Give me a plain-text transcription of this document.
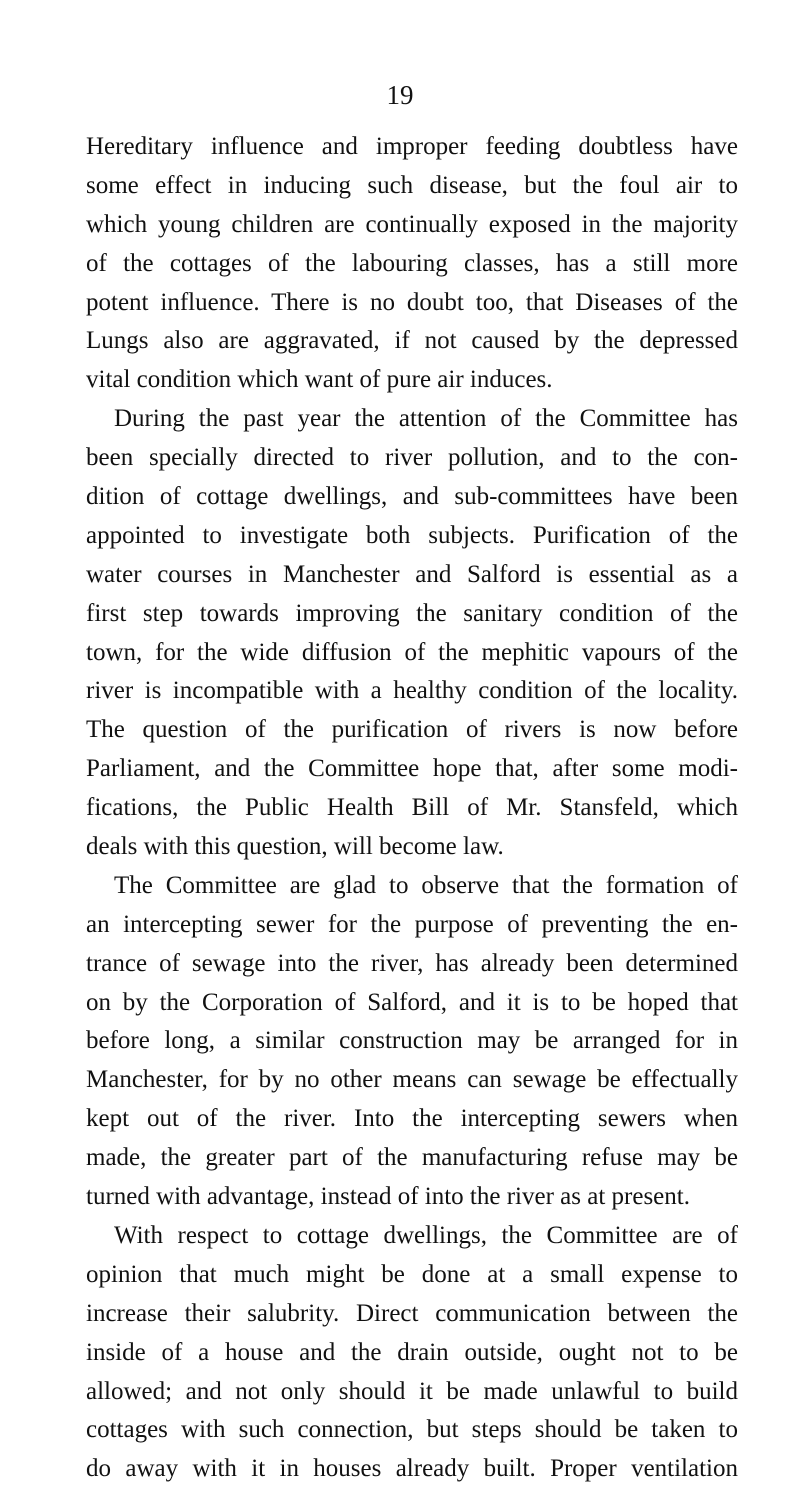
19
Hereditary influence and improper feeding doubtless have
some effect in inducing such disease, but the foul air to
which young children are continually exposed in the majority
of the cottages of the labouring classes, has a still more
potent influence. There is no doubt too, that Diseases of the
Lungs also are aggravated, if not caused by the depressed
vital condition which want of pure air induces.
During the past year the attention of the Committee has
been specially directed to river pollution, and to the con-
dition of cottage dwellings, and sub-committees have been
appointed to investigate both subjects. Purification of the
water courses in Manchester and Salford is essential as a
first step towards improving the sanitary condition of the
town, for the wide diffusion of the mephitic vapours of the
river is incompatible with a healthy condition of the locality.
The question of the purification of rivers is now before
Parliament, and the Committee hope that, after some modi-
fications, the Public Health Bill of Mr. Stansfeld, which
deals with this question, will become law.
The Committee are glad to observe that the formation of
an intercepting sewer for the purpose of preventing the en-
trance of sewage into the river, has already been determined
on by the Corporation of Salford, and it is to be hoped that
before long, a similar construction may be arranged for in
Manchester, for by no other means can sewage be effectually
kept out of the river. Into the intercepting sewers when
made, the greater part of the manufacturing refuse may be
turned with advantage, instead of into the river as at present.
With respect to cottage dwellings, the Committee are of
opinion that much might be done at a small expense to
increase their salubrity. Direct communication between the
inside of a house and the drain outside, ought not to be
allowed; and not only should it be made unlawful to build
cottages with such connection, but steps should be taken to
do away with it in houses already built. Proper ventilation
